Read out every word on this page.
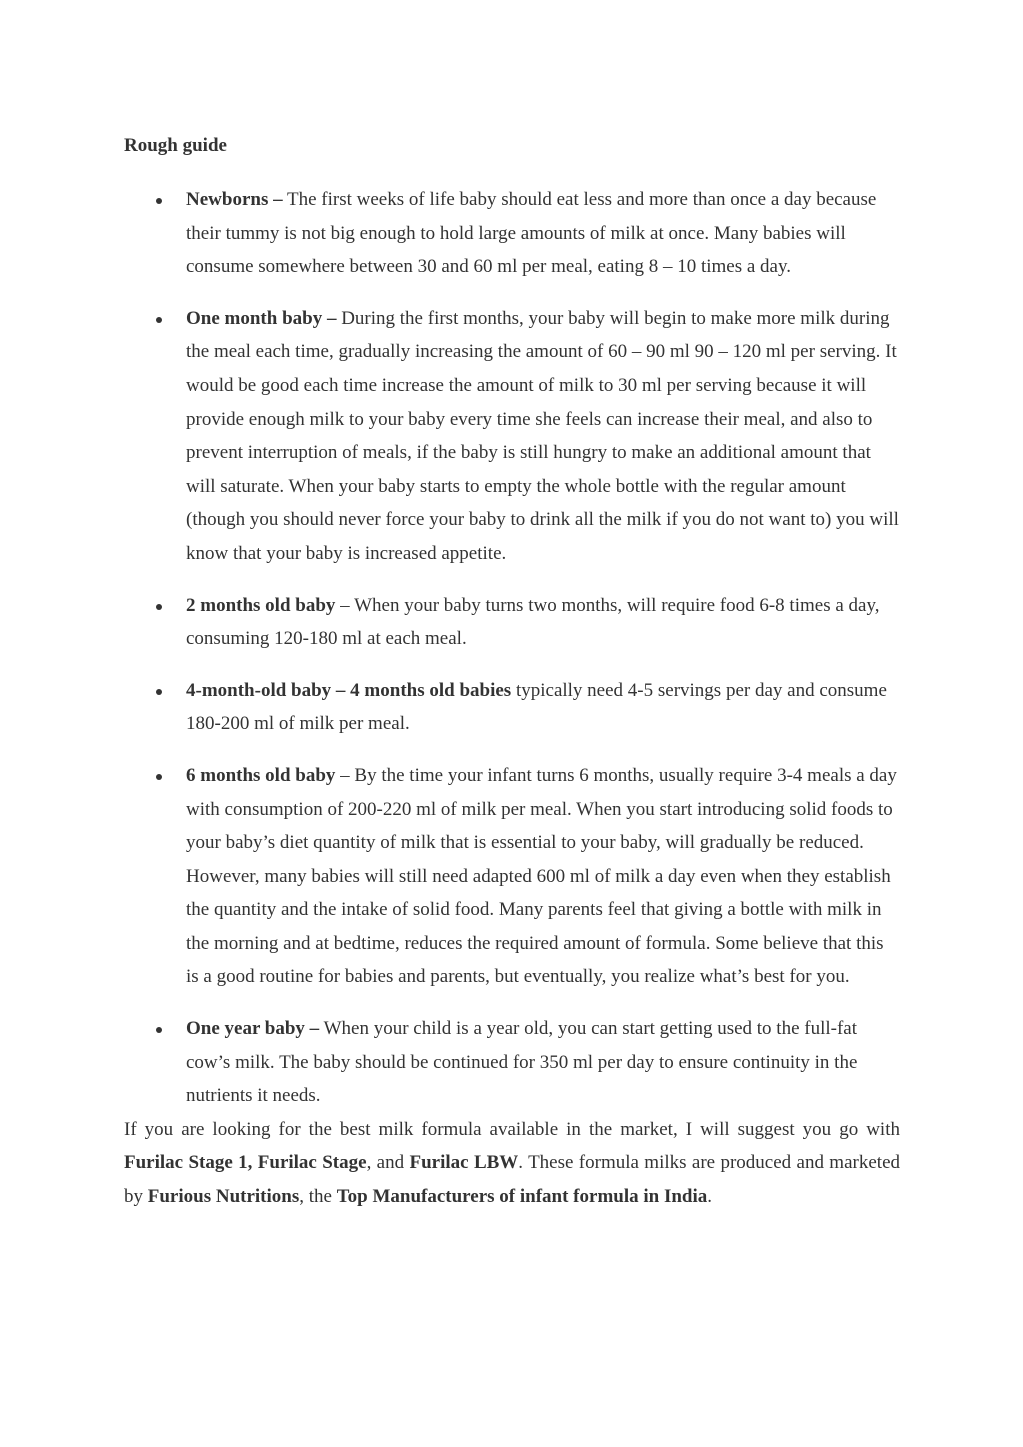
Rough guide

Newborns – The first weeks of life baby should eat less and more than once a day because their tummy is not big enough to hold large amounts of milk at once. Many babies will consume somewhere between 30 and 60 ml per meal, eating 8 – 10 times a day.
One month baby – During the first months, your baby will begin to make more milk during the meal each time, gradually increasing the amount of 60 – 90 ml 90 – 120 ml per serving. It would be good each time increase the amount of milk to 30 ml per serving because it will provide enough milk to your baby every time she feels can increase their meal, and also to prevent interruption of meals, if the baby is still hungry to make an additional amount that will saturate. When your baby starts to empty the whole bottle with the regular amount (though you should never force your baby to drink all the milk if you do not want to) you will know that your baby is increased appetite.
2 months old baby – When your baby turns two months, will require food 6-8 times a day, consuming 120-180 ml at each meal.
4-month-old baby – 4 months old babies typically need 4-5 servings per day and consume 180-200 ml of milk per meal.
6 months old baby – By the time your infant turns 6 months, usually require 3-4 meals a day with consumption of 200-220 ml of milk per meal. When you start introducing solid foods to your baby’s diet quantity of milk that is essential to your baby, will gradually be reduced. However, many babies will still need adapted 600 ml of milk a day even when they establish the quantity and the intake of solid food. Many parents feel that giving a bottle with milk in the morning and at bedtime, reduces the required amount of formula. Some believe that this is a good routine for babies and parents, but eventually, you realize what’s best for you.
One year baby – When your child is a year old, you can start getting used to the full-fat cow’s milk. The baby should be continued for 350 ml per day to ensure continuity in the nutrients it needs.

If you are looking for the best milk formula available in the market, I will suggest you go with Furilac Stage 1, Furilac Stage, and Furilac LBW. These formula milks are produced and marketed by Furious Nutritions, the Top Manufacturers of infant formula in India.
